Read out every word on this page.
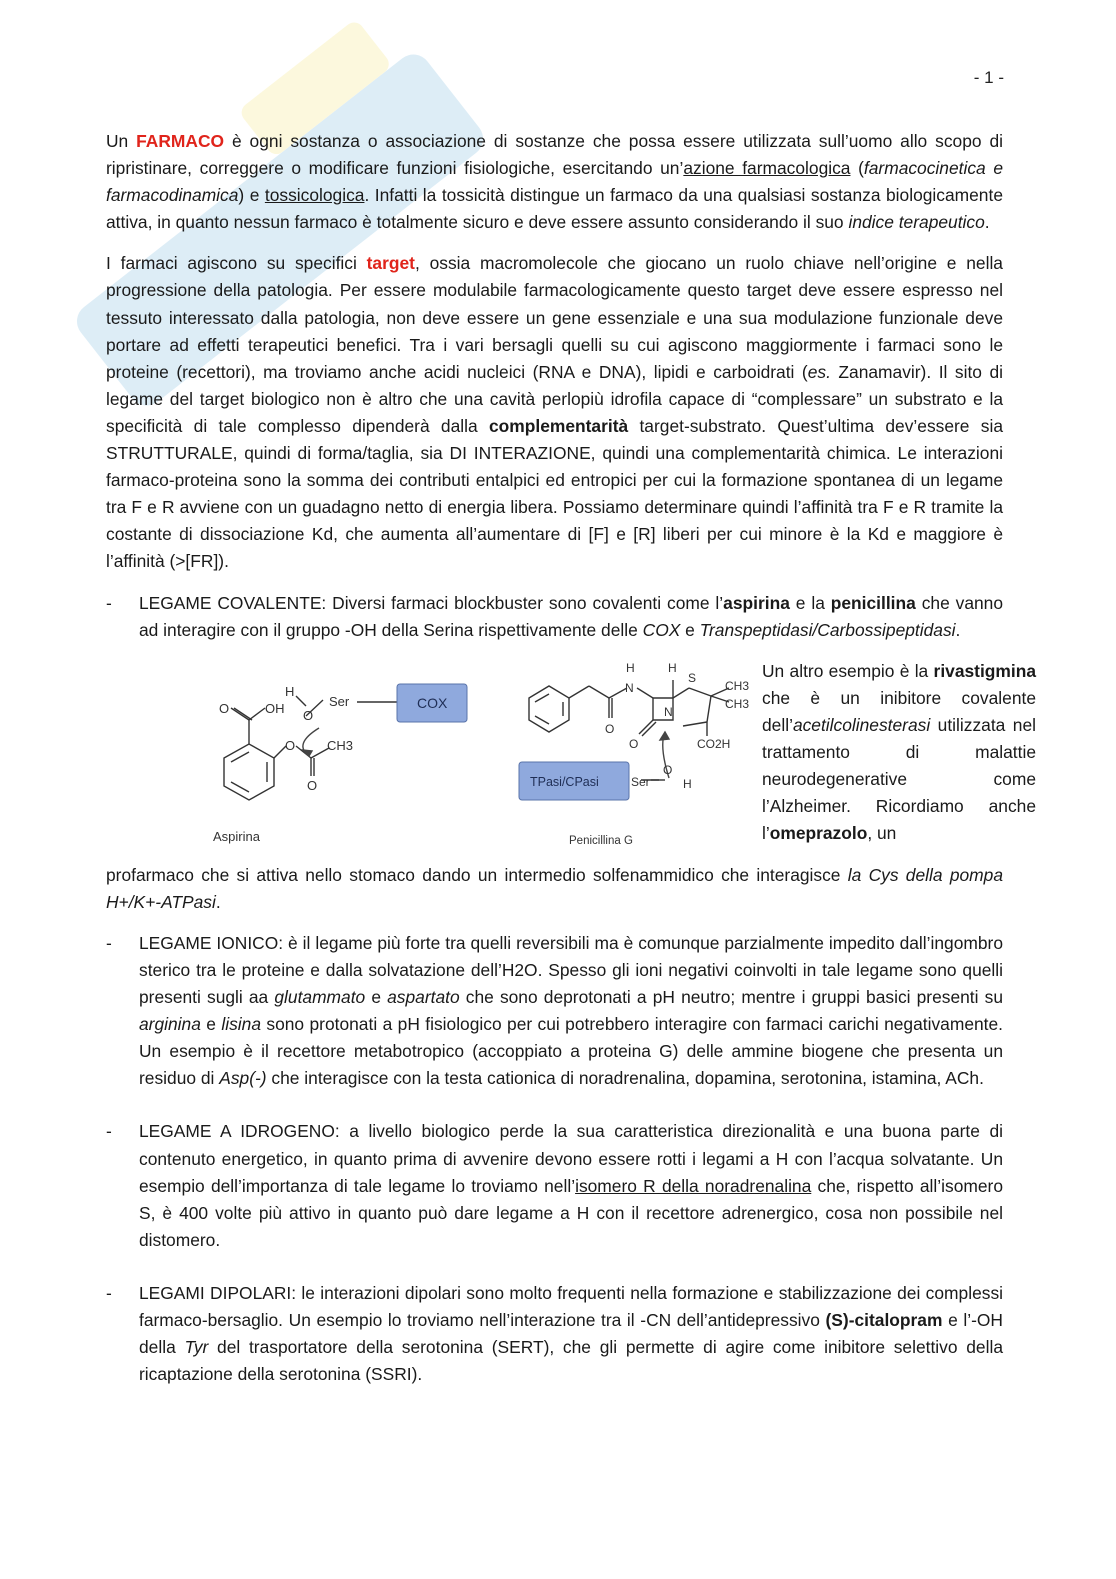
- 1 -

Un FARMACO è ogni sostanza o associazione di sostanze che possa essere utilizzata sull’uomo allo scopo di ripristinare, correggere o modificare funzioni fisiologiche, esercitando un’azione farmacologica (farmacocinetica e farmacodinamica) e tossicologica. Infatti la tossicità distingue un farmaco da una qualsiasi sostanza biologicamente attiva, in quanto nessun farmaco è totalmente sicuro e deve essere assunto considerando il suo indice terapeutico.

I farmaci agiscono su specifici target, ossia macromolecole che giocano un ruolo chiave nell’origine e nella progressione della patologia. Per essere modulabile farmacologicamente questo target deve essere espresso nel tessuto interessato dalla patologia, non deve essere un gene essenziale e una sua modulazione funzionale deve portare ad effetti terapeutici benefici. Tra i vari bersagli quelli su cui agiscono maggiormente i farmaci sono le proteine (recettori), ma troviamo anche acidi nucleici (RNA e DNA), lipidi e carboidrati (es. Zanamavir). Il sito di legame del target biologico non è altro che una cavità perlopiù idrofila capace di “complessare” un substrato e la specificità di tale complesso dipenderà dalla complementarità target-substrato. Quest’ultima dev’essere sia STRUTTURALE, quindi di forma/taglia, sia DI INTERAZIONE, quindi una complementarità chimica. Le interazioni farmaco-proteina sono la somma dei contributi entalpici ed entropici per cui la formazione spontanea di un legame tra F e R avviene con un guadagno netto di energia libera. Possiamo determinare quindi l’affinità tra F e R tramite la costante di dissociazione Kd, che aumenta all’aumentare di [F] e [R] liberi per cui minore è la Kd e maggiore è l’affinità (>[FR]).

- LEGAME COVALENTE: Diversi farmaci blockbuster sono covalenti come l’aspirina e la penicillina che vanno ad interagire con il gruppo -OH della Serina rispettivamente delle COX e Transpeptidasi/Carbossipeptidasi.
O	OH
O
O
CH3
H
O
Ser
Aspirina
COX
O
H
N
H
S
N
O
CH3
CH3
CO2H
Ser
O
H
Penicillina G
TPasi/CPasi
Un altro esempio è la rivastigmina che è un inibitore covalente dell’acetilcolinesterasi utilizzata nel trattamento di malattie neurodegenerative come l’Alzheimer. Ricordiamo anche l’omeprazolo, un

profarmaco che si attiva nello stomaco dando un intermedio solfenammidico che interagisce la Cys della pompa H+/K+-ATPasi.

- LEGAME IONICO: è il legame più forte tra quelli reversibili ma è comunque parzialmente impedito dall’ingombro sterico tra le proteine e dalla solvatazione dell’H2O. Spesso gli ioni negativi coinvolti in tale legame sono quelli presenti sugli aa glutammato e aspartato che sono deprotonati a pH neutro; mentre i gruppi basici presenti su arginina e lisina sono protonati a pH fisiologico per cui potrebbero interagire con farmaci carichi negativamente. Un esempio è il recettore metabotropico (accoppiato a proteina G) delle ammine biogene che presenta un residuo di Asp(-) che interagisce con la testa cationica di noradrenalina, dopamina, serotonina, istamina, ACh.
- LEGAME A IDROGENO: a livello biologico perde la sua caratteristica direzionalità e una buona parte di contenuto energetico, in quanto prima di avvenire devono essere rotti i legami a H con l’acqua solvatante. Un esempio dell’importanza di tale legame lo troviamo nell’isomero R della noradrenalina che, rispetto all’isomero S, è 400 volte più attivo in quanto può dare legame a H con il recettore adrenergico, cosa non possibile nel distomero.
- LEGAMI DIPOLARI: le interazioni dipolari sono molto frequenti nella formazione e stabilizzazione dei complessi farmaco-bersaglio. Un esempio lo troviamo nell’interazione tra il -CN dell’antidepressivo (S)-citalopram e l’-OH della Tyr del trasportatore della serotonina (SERT), che gli permette di agire come inibitore selettivo della ricaptazione della serotonina (SSRI).
